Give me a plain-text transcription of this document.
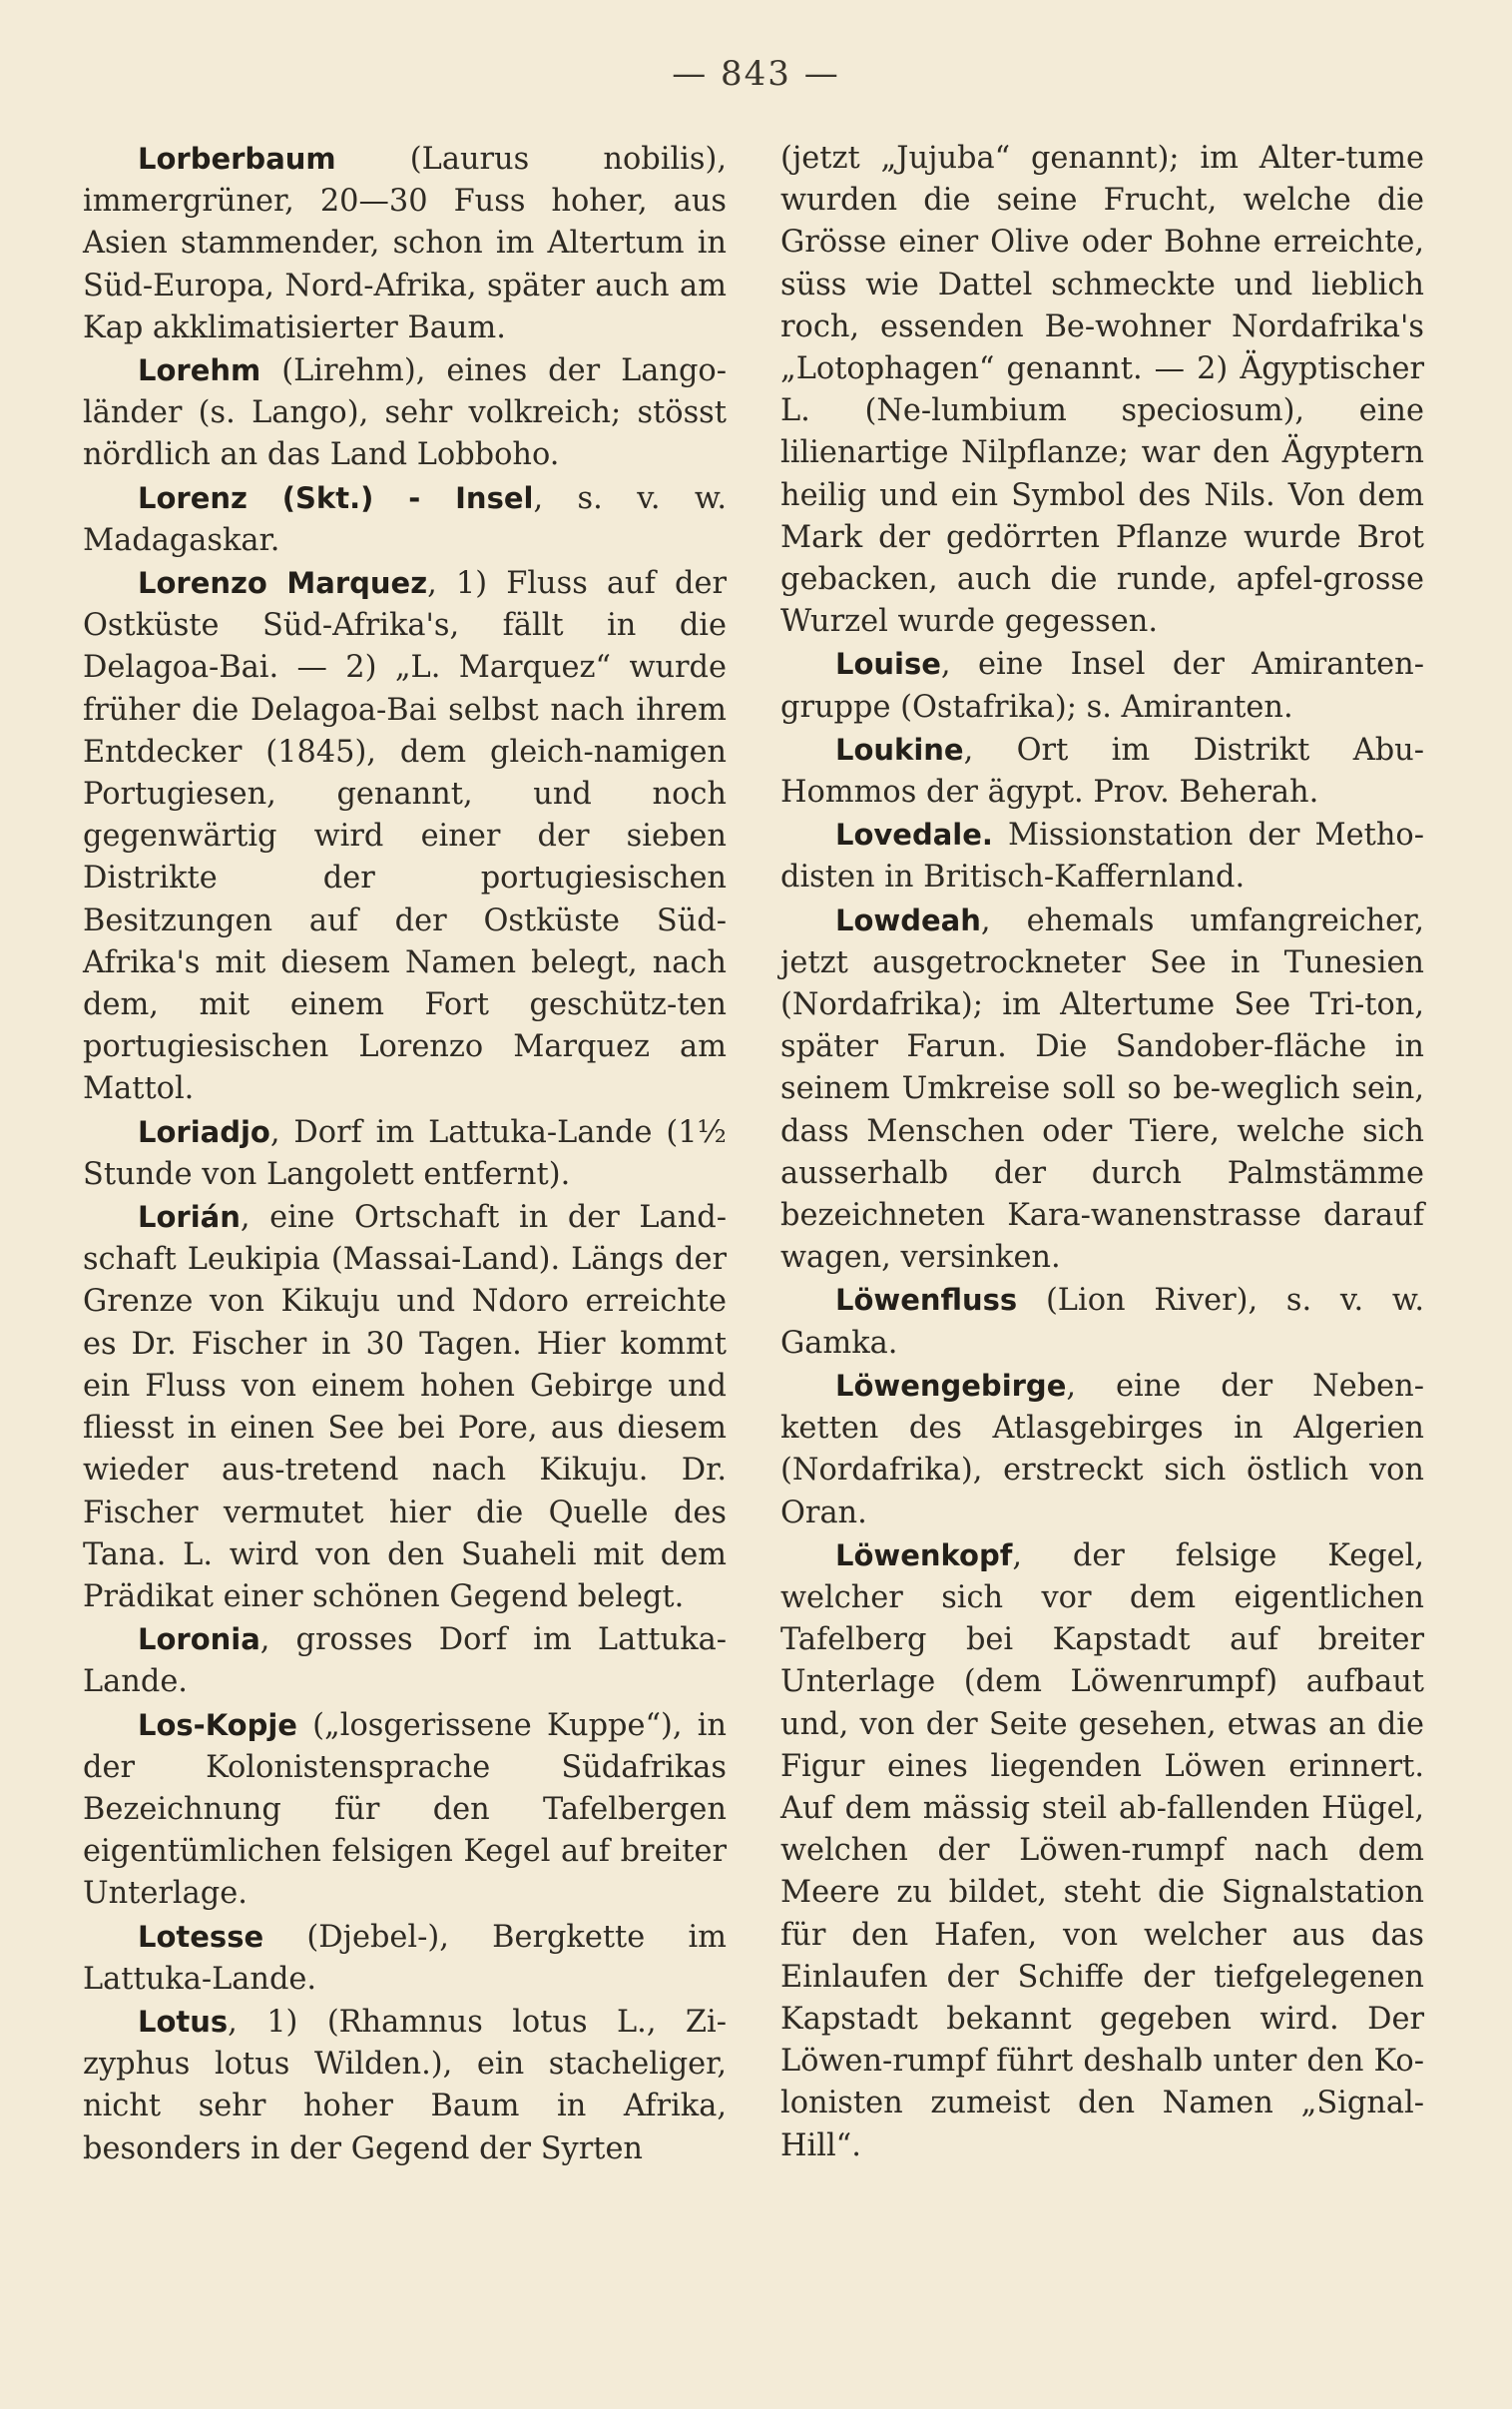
— 843 —

Lorberbaum (Laurus nobilis), immergrüner, 20—30 Fuss hoher, aus Asien stammender, schon im Altertum in Süd-Europa, Nord-Afrika, später auch am Kap akklimatisierter Baum.

Lorehm (Lirehm), eines der Lango-länder (s. Lango), sehr volkreich; stösst nördlich an das Land Lobboho.

Lorenz (Skt.) - Insel, s. v. w. Madagaskar.

Lorenzo Marquez, 1) Fluss auf der Ostküste Süd-Afrika's, fällt in die Delagoa-Bai. — 2) „L. Marquez“ wurde früher die Delagoa-Bai selbst nach ihrem Entdecker (1845), dem gleich-namigen Portugiesen, genannt, und noch gegenwärtig wird einer der sieben Distrikte der portugiesischen Besitzungen auf der Ostküste Süd-Afrika's mit diesem Namen belegt, nach dem, mit einem Fort geschütz-ten portugiesischen Lorenzo Marquez am Mattol.

Loriadjo, Dorf im Lattuka-Lande (1½ Stunde von Langolett entfernt).

Lorián, eine Ortschaft in der Land-schaft Leukipia (Massai-Land). Längs der Grenze von Kikuju und Ndoro erreichte es Dr. Fischer in 30 Tagen. Hier kommt ein Fluss von einem hohen Gebirge und fliesst in einen See bei Pore, aus diesem wieder aus-tretend nach Kikuju. Dr. Fischer vermutet hier die Quelle des Tana. L. wird von den Suaheli mit dem Prädikat einer schönen Gegend belegt.

Loronia, grosses Dorf im Lattuka-Lande.

Los-Kopje („losgerissene Kuppe“), in der Kolonistensprache Südafrikas Bezeichnung für den Tafelbergen eigentümlichen felsigen Kegel auf breiter Unterlage.

Lotesse (Djebel-), Bergkette im Lattuka-Lande.

Lotus, 1) (Rhamnus lotus L., Zi-zyphus lotus Wilden.), ein stacheliger, nicht sehr hoher Baum in Afrika, besonders in der Gegend der Syrten

(jetzt „Jujuba“ genannt); im Alter-tume wurden die seine Frucht, welche die Grösse einer Olive oder Bohne erreichte, süss wie Dattel schmeckte und lieblich roch, essenden Be-wohner Nordafrika's „Lotophagen“ genannt. — 2) Ägyptischer L. (Ne-lumbium speciosum), eine lilienartige Nilpflanze; war den Ägyptern heilig und ein Symbol des Nils. Von dem Mark der gedörrten Pflanze wurde Brot gebacken, auch die runde, apfel-grosse Wurzel wurde gegessen.

Louise, eine Insel der Amiranten-gruppe (Ostafrika); s. Amiranten.

Loukine, Ort im Distrikt Abu-Hommos der ägypt. Prov. Beherah.

Lovedale. Missionstation der Metho-disten in Britisch-Kaffernland.

Lowdeah, ehemals umfangreicher, jetzt ausgetrockneter See in Tunesien (Nordafrika); im Altertume See Tri-ton, später Farun. Die Sandober-fläche in seinem Umkreise soll so be-weglich sein, dass Menschen oder Tiere, welche sich ausserhalb der durch Palmstämme bezeichneten Kara-wanenstrasse darauf wagen, versinken.

Löwenfluss (Lion River), s. v. w. Gamka.

Löwengebirge, eine der Neben-ketten des Atlasgebirges in Algerien (Nordafrika), erstreckt sich östlich von Oran.

Löwenkopf, der felsige Kegel, welcher sich vor dem eigentlichen Tafelberg bei Kapstadt auf breiter Unterlage (dem Löwenrumpf) aufbaut und, von der Seite gesehen, etwas an die Figur eines liegenden Löwen erinnert. Auf dem mässig steil ab-fallenden Hügel, welchen der Löwen-rumpf nach dem Meere zu bildet, steht die Signalstation für den Hafen, von welcher aus das Einlaufen der Schiffe der tiefgelegenen Kapstadt bekannt gegeben wird. Der Löwen-rumpf führt deshalb unter den Ko-lonisten zumeist den Namen „Signal-Hill“.
